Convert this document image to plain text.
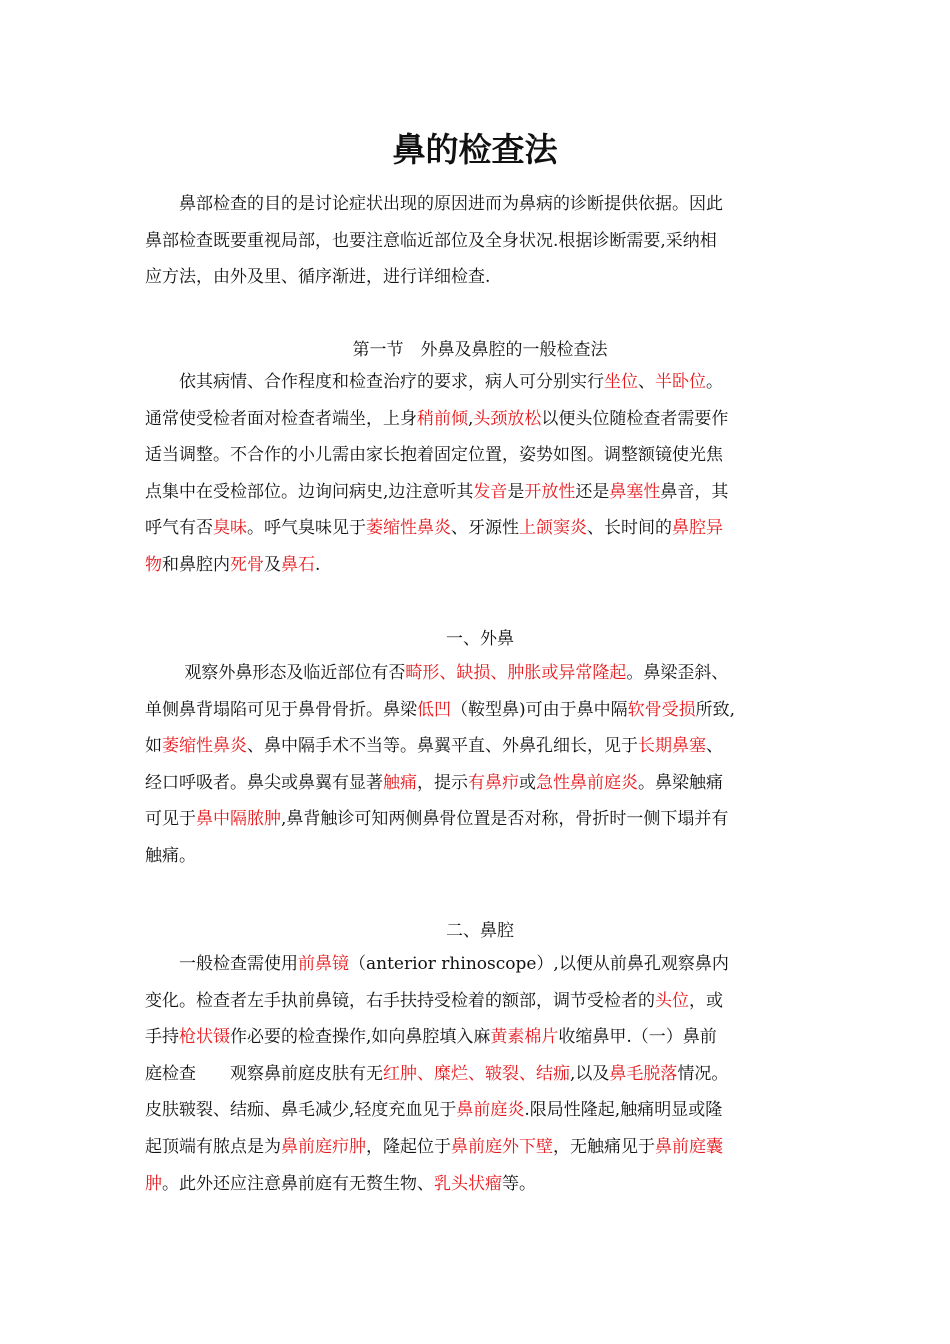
鼻的检查法
　　鼻部检查的目的是讨论症状出现的原因进而为鼻病的诊断提供依据。因此
鼻部检查既要重视局部，也要注意临近部位及全身状况.根据诊断需要,采纳相
应方法，由外及里、循序渐进，进行详细检查.
第一节　外鼻及鼻腔的一般检查法
　　依其病情、合作程度和检查治疗的要求，病人可分别实行坐位、半卧位。
通常使受检者面对检查者端坐，上身稍前倾,头颈放松以便头位随检查者需要作
适当调整。不合作的小儿需由家长抱着固定位置，姿势如图。调整额镜使光焦
点集中在受检部位。边询问病史,边注意听其发音是开放性还是鼻塞性鼻音，其
呼气有否臭味。呼气臭味见于萎缩性鼻炎、牙源性上颌窦炎、长时间的鼻腔异
物和鼻腔内死骨及鼻石.
一、外鼻
　　 观察外鼻形态及临近部位有否畸形、缺损、肿胀或异常隆起。鼻梁歪斜、
单侧鼻背塌陷可见于鼻骨骨折。鼻梁低凹（鞍型鼻)可由于鼻中隔软骨受损所致,
如萎缩性鼻炎、鼻中隔手术不当等。鼻翼平直、外鼻孔细长，见于长期鼻塞、
经口呼吸者。鼻尖或鼻翼有显著触痛，提示有鼻疖或急性鼻前庭炎。鼻梁触痛
可见于鼻中隔脓肿,鼻背触诊可知两侧鼻骨位置是否对称，骨折时一侧下塌并有
触痛。
二、鼻腔
　　一般检查需使用前鼻镜（anterior rhinoscope）,以便从前鼻孔观察鼻内
变化。检查者左手执前鼻镜，右手扶持受检着的额部，调节受检者的头位，或
手持枪状镊作必要的检查操作,如向鼻腔填入麻黄素棉片收缩鼻甲.（一）鼻前
庭检查　　观察鼻前庭皮肤有无红肿、糜烂、皲裂、结痂,以及鼻毛脱落情况。
皮肤皲裂、结痂、鼻毛减少,轻度充血见于鼻前庭炎.限局性隆起,触痛明显或隆
起顶端有脓点是为鼻前庭疖肿，隆起位于鼻前庭外下壁，无触痛见于鼻前庭囊
肿。此外还应注意鼻前庭有无赘生物、乳头状瘤等。
